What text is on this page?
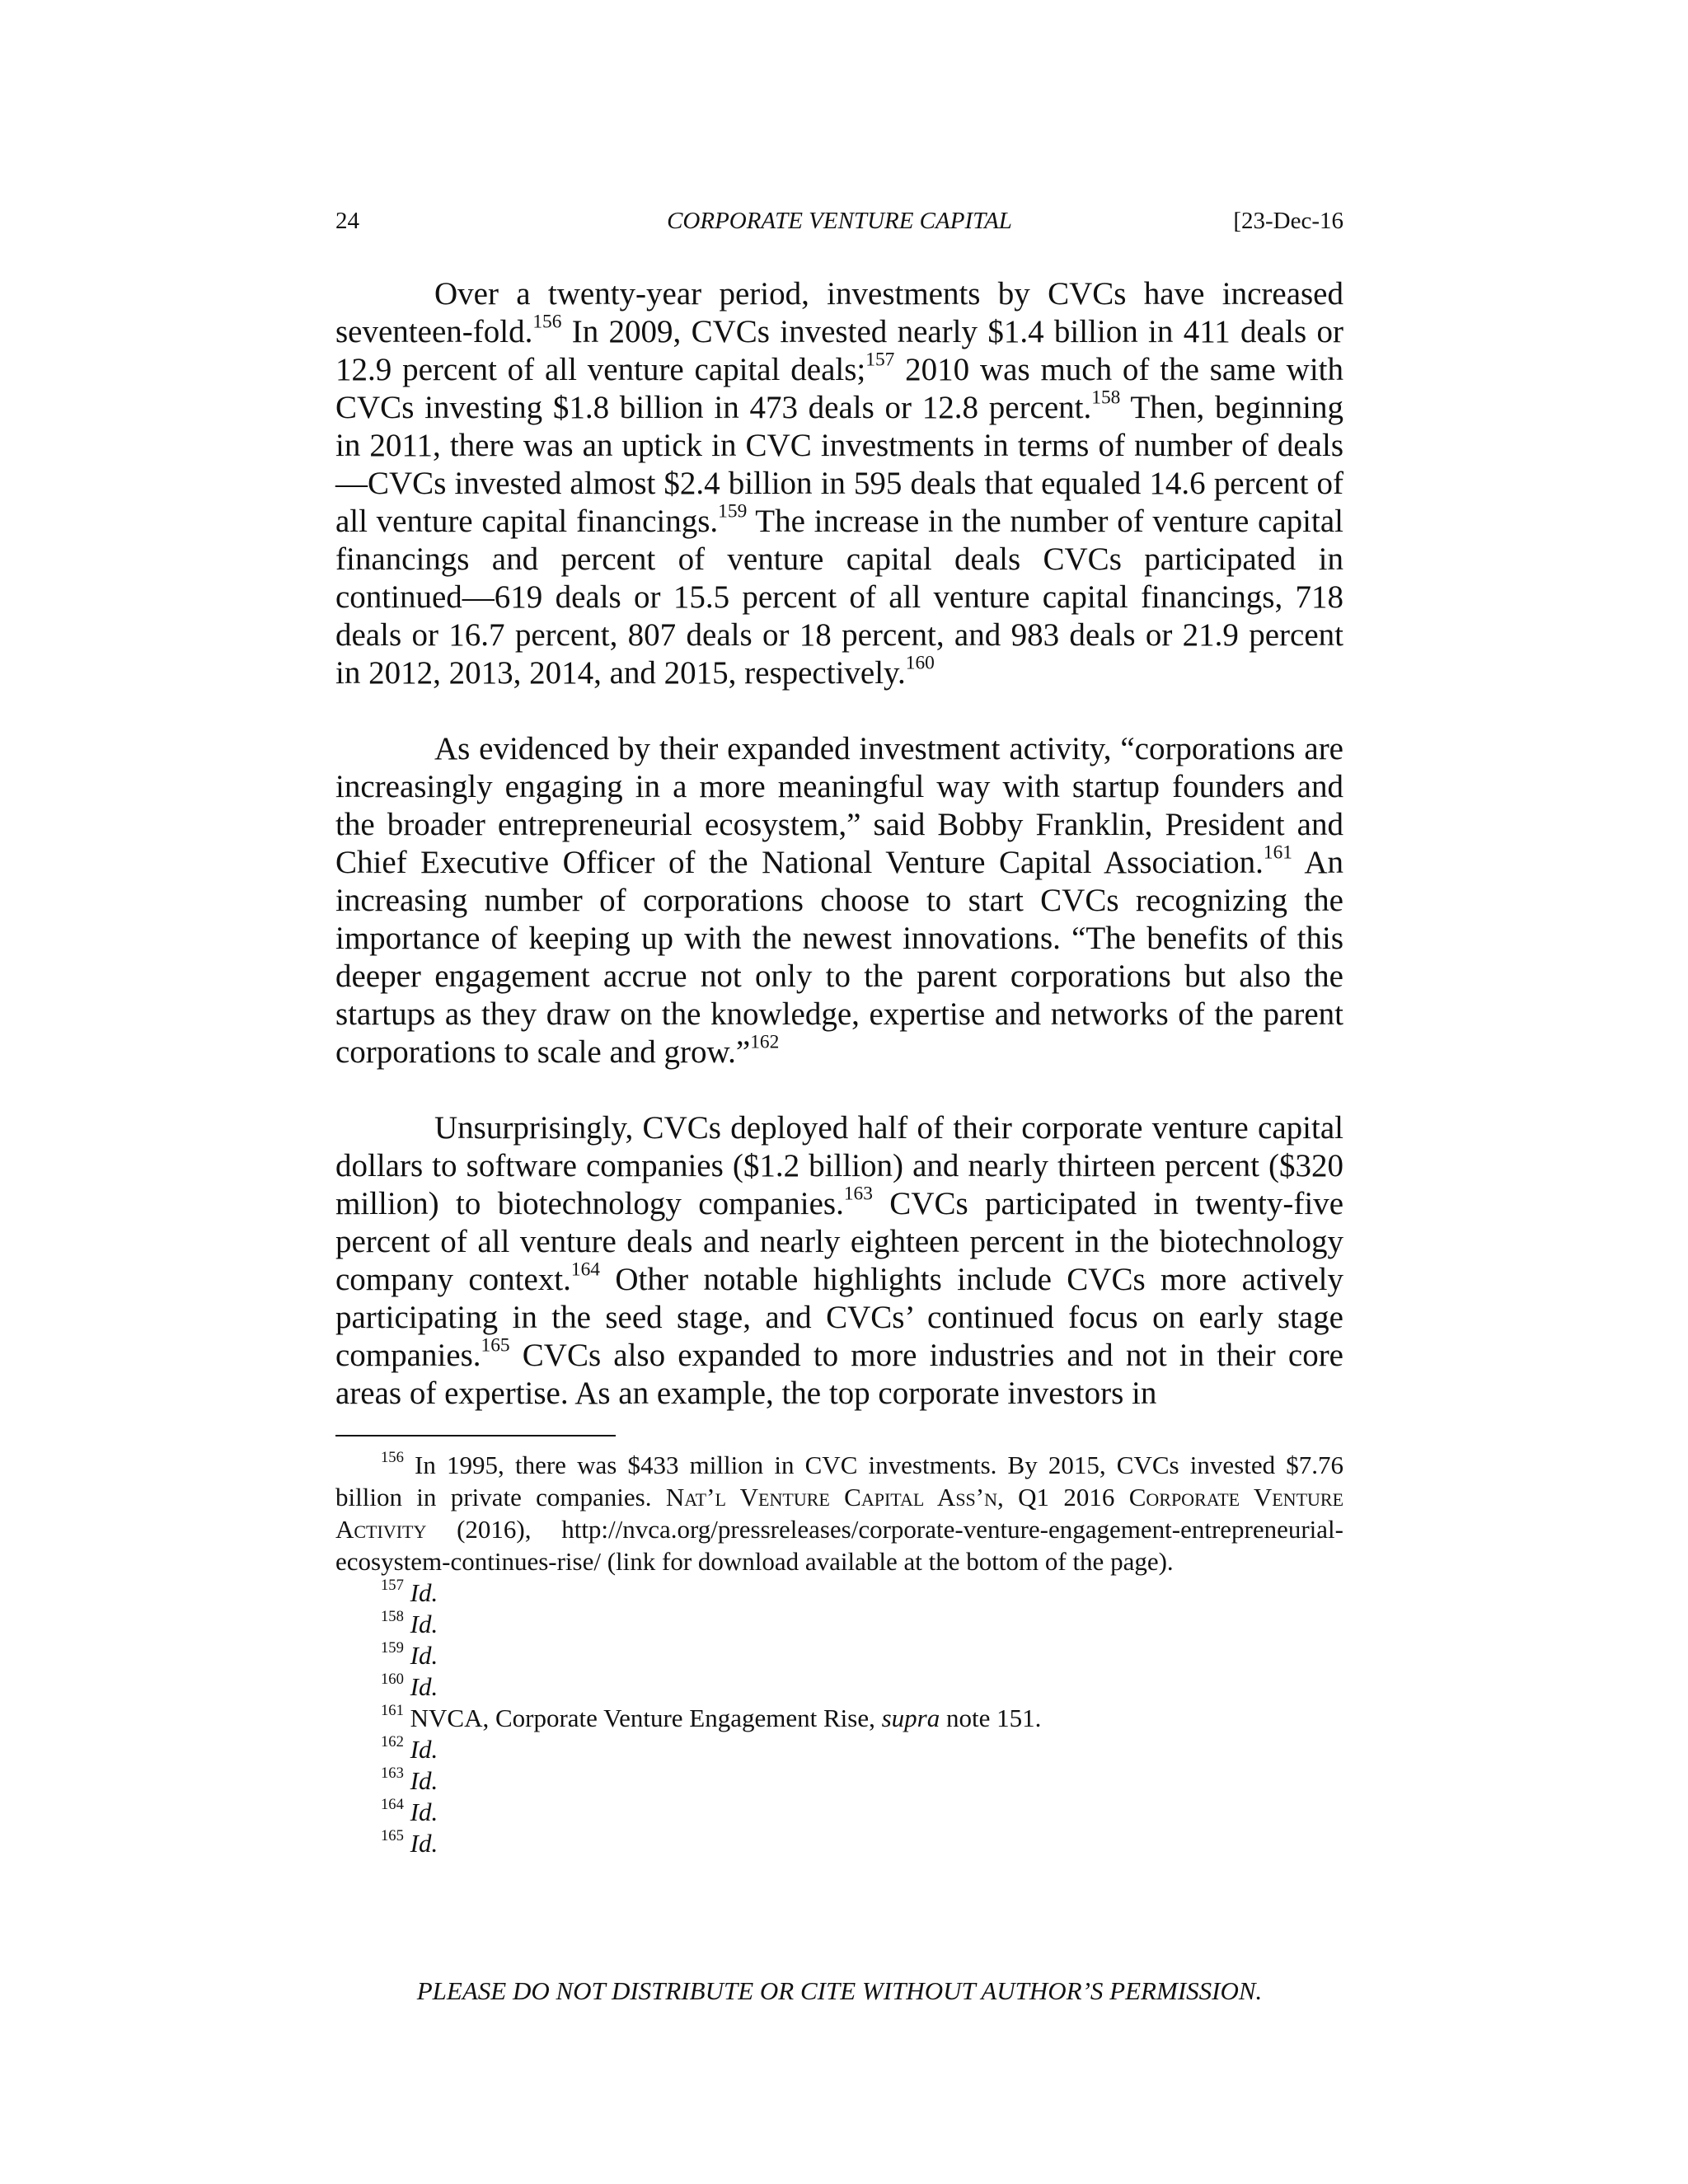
24	CORPORATE VENTURE CAPITAL	[23-Dec-16

Over a twenty-year period, investments by CVCs have increased seventeen-fold.$^{156}$ In 2009, CVCs invested nearly $1.4 billion in 411 deals or 12.9 percent of all venture capital deals;$^{157}$ 2010 was much of the same with CVCs investing $1.8 billion in 473 deals or 12.8 percent.$^{158}$ Then, beginning in 2011, there was an uptick in CVC investments in terms of number of deals—CVCs invested almost $2.4 billion in 595 deals that equaled 14.6 percent of all venture capital financings.$^{159}$ The increase in the number of venture capital financings and percent of venture capital deals CVCs participated in continued—619 deals or 15.5 percent of all venture capital financings, 718 deals or 16.7 percent, 807 deals or 18 percent, and 983 deals or 21.9 percent in 2012, 2013, 2014, and 2015, respectively.$^{160}$

As evidenced by their expanded investment activity, “corporations are increasingly engaging in a more meaningful way with startup founders and the broader entrepreneurial ecosystem,” said Bobby Franklin, President and Chief Executive Officer of the National Venture Capital Association.$^{161}$ An increasing number of corporations choose to start CVCs recognizing the importance of keeping up with the newest innovations. “The benefits of this deeper engagement accrue not only to the parent corporations but also the startups as they draw on the knowledge, expertise and networks of the parent corporations to scale and grow.”$^{162}$

Unsurprisingly, CVCs deployed half of their corporate venture capital dollars to software companies ($1.2 billion) and nearly thirteen percent ($320 million) to biotechnology companies.$^{163}$ CVCs participated in twenty-five percent of all venture deals and nearly eighteen percent in the biotechnology company context.$^{164}$ Other notable highlights include CVCs more actively participating in the seed stage, and CVCs’ continued focus on early stage companies.$^{165}$ CVCs also expanded to more industries and not in their core areas of expertise. As an example, the top corporate investors in

$^{156}$ In 1995, there was $433 million in CVC investments. By 2015, CVCs invested $7.76 billion in private companies. Nat’l Venture Capital Ass’n, Q1 2016 Corporate Venture Activity (2016), http://nvca.org/pressreleases/corporate-venture-engagement-entrepreneurial-ecosystem-continues-rise/ (link for download available at the bottom of the page).

$^{157}$ Id.

$^{158}$ Id.

$^{159}$ Id.

$^{160}$ Id.

$^{161}$ NVCA, Corporate Venture Engagement Rise, supra note 151.

$^{162}$ Id.

$^{163}$ Id.

$^{164}$ Id.

$^{165}$ Id.

PLEASE DO NOT DISTRIBUTE OR CITE WITHOUT AUTHOR’S PERMISSION.
